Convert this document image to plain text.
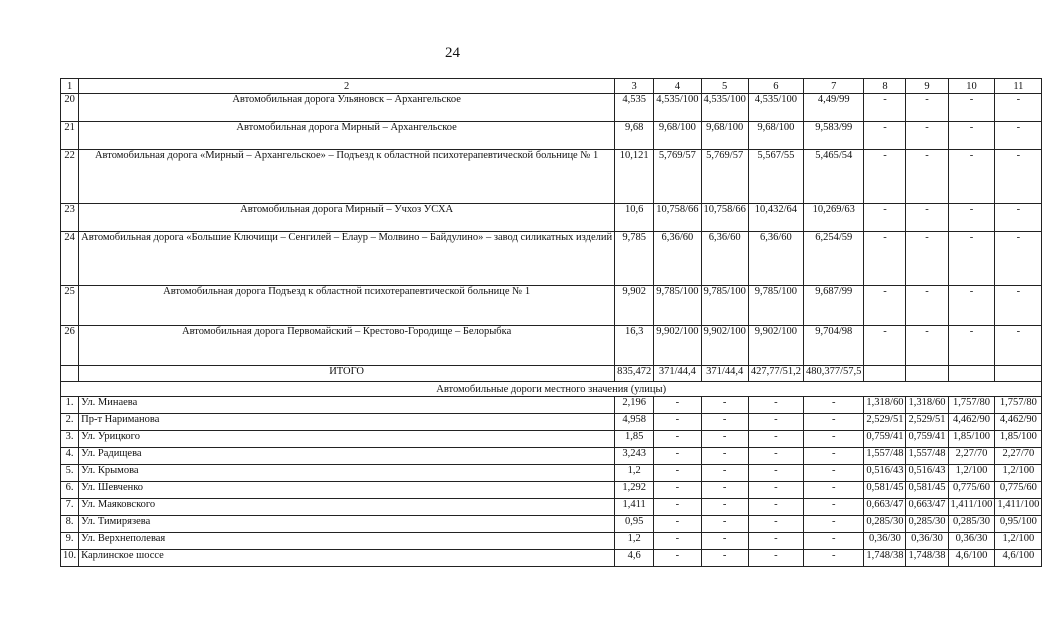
24
1	2	3	4	5	6	7	8	9	10	11
20	Автомобильная дорога Ульяновск – Архангельское	4,535	4,535/100	4,535/100	4,535/100	4,49/99	-	-	-	-
21	Автомобильная дорога Мирный – Архангельское	9,68	9,68/100	9,68/100	9,68/100	9,583/99	-	-	-	-
22	Автомобильная дорога «Мирный – Архангельское» – Подъезд к областной психотерапевтической больнице № 1	10,121	5,769/57	5,769/57	5,567/55	5,465/54	-	-	-	-
23	Автомобильная дорога Мирный – Учхоз УСХА	10,6	10,758/66	10,758/66	10,432/64	10,269/63	-	-	-	-
24	Автомобильная дорога «Большие Ключищи – Сенгилей – Елаур – Молвино – Байдулино» – завод силикатных изделий	9,785	6,36/60	6,36/60	6,36/60	6,254/59	-	-	-	-
25	Автомобильная дорога Подъезд к областной психотерапевтической больнице № 1	9,902	9,785/100	9,785/100	9,785/100	9,687/99	-	-	-	-
26	Автомобильная дорога Первомайский – Крестово-Городище – Белорыбка	16,3	9,902/100	9,902/100	9,902/100	9,704/98	-	-	-	-
	ИТОГО	835,472	371/44,4	371/44,4	427,77/51,2	480,377/57,5				
Автомобильные дороги местного значения (улицы)										
1.	Ул. Минаева	2,196	-	-	-	-	1,318/60	1,318/60	1,757/80	1,757/80
2.	Пр-т Нариманова	4,958	-	-	-	-	2,529/51	2,529/51	4,462/90	4,462/90
3.	Ул. Урицкого	1,85	-	-	-	-	0,759/41	0,759/41	1,85/100	1,85/100
4.	Ул. Радищева	3,243	-	-	-	-	1,557/48	1,557/48	2,27/70	2,27/70
5.	Ул. Крымова	1,2	-	-	-	-	0,516/43	0,516/43	1,2/100	1,2/100
6.	Ул. Шевченко	1,292	-	-	-	-	0,581/45	0,581/45	0,775/60	0,775/60
7.	Ул. Маяковского	1,411	-	-	-	-	0,663/47	0,663/47	1,411/100	1,411/100
8.	Ул. Тимирязева	0,95	-	-	-	-	0,285/30	0,285/30	0,285/30	0,95/100
9.	Ул. Верхнеполевая	1,2	-	-	-	-	0,36/30	0,36/30	0,36/30	1,2/100
10.	Карлинское шоссе	4,6	-	-	-	-	1,748/38	1,748/38	4,6/100	4,6/100
